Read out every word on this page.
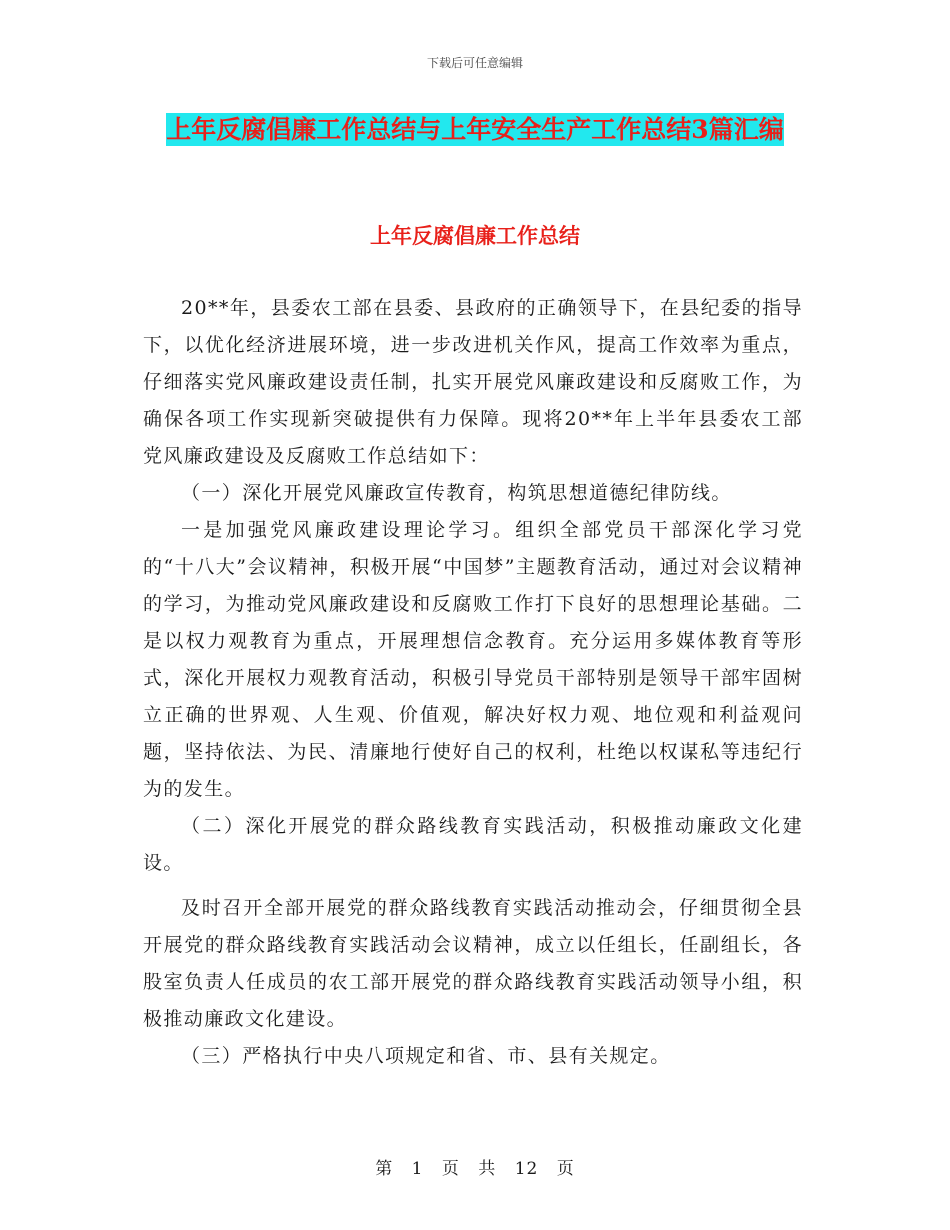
下载后可任意编辑
上年反腐倡廉工作总结与上年安全生产工作总结3篇汇编
上年反腐倡廉工作总结

20**年，县委农工部在县委、县政府的正确领导下，在县纪委的指导下，以优化经济进展环境，进一步改进机关作风，提高工作效率为重点，仔细落实党风廉政建设责任制，扎实开展党风廉政建设和反腐败工作，为确保各项工作实现新突破提供有力保障。现将20**年上半年县委农工部党风廉政建设及反腐败工作总结如下：

（一）深化开展党风廉政宣传教育，构筑思想道德纪律防线。

一是加强党风廉政建设理论学习。组织全部党员干部深化学习党的“十八大”会议精神，积极开展“中国梦”主题教育活动，通过对会议精神的学习，为推动党风廉政建设和反腐败工作打下良好的思想理论基础。二是以权力观教育为重点，开展理想信念教育。充分运用多媒体教育等形式，深化开展权力观教育活动，积极引导党员干部特别是领导干部牢固树立正确的世界观、人生观、价值观，解决好权力观、地位观和利益观问题，坚持依法、为民、清廉地行使好自己的权利，杜绝以权谋私等违纪行为的发生。

（二）深化开展党的群众路线教育实践活动，积极推动廉政文化建设。

及时召开全部开展党的群众路线教育实践活动推动会，仔细贯彻全县开展党的群众路线教育实践活动会议精神，成立以任组长，任副组长，各股室负责人任成员的农工部开展党的群众路线教育实践活动领导小组，积极推动廉政文化建设。

（三）严格执行中央八项规定和省、市、县有关规定。

第 1 页 共 12 页
